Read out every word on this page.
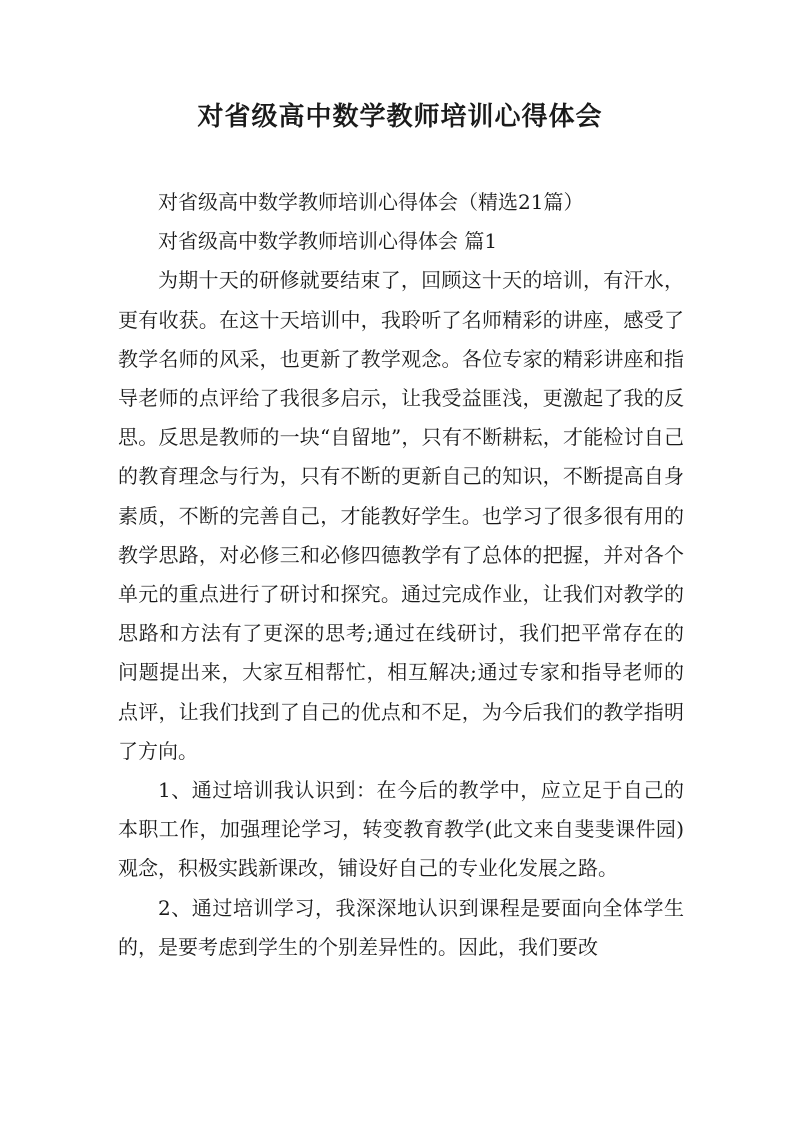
对省级高中数学教师培训心得体会

对省级高中数学教师培训心得体会（精选21篇）

对省级高中数学教师培训心得体会 篇1

为期十天的研修就要结束了，回顾这十天的培训，有汗水，更有收获。在这十天培训中，我聆听了名师精彩的讲座，感受了教学名师的风采，也更新了教学观念。各位专家的精彩讲座和指导老师的点评给了我很多启示，让我受益匪浅，更激起了我的反思。反思是教师的一块“自留地”，只有不断耕耘，才能检讨自己的教育理念与行为，只有不断的更新自己的知识，不断提高自身素质，不断的完善自己，才能教好学生。也学习了很多很有用的教学思路，对必修三和必修四德教学有了总体的把握，并对各个单元的重点进行了研讨和探究。通过完成作业，让我们对教学的思路和方法有了更深的思考;通过在线研讨，我们把平常存在的问题提出来，大家互相帮忙，相互解决;通过专家和指导老师的点评，让我们找到了自己的优点和不足，为今后我们的教学指明了方向。

1、通过培训我认识到：在今后的教学中，应立足于自己的本职工作，加强理论学习，转变教育教学(此文来自斐斐课件园)观念，积极实践新课改，铺设好自己的专业化发展之路。

2、通过培训学习，我深深地认识到课程是要面向全体学生的，是要考虑到学生的个别差异性的。因此，我们要改
